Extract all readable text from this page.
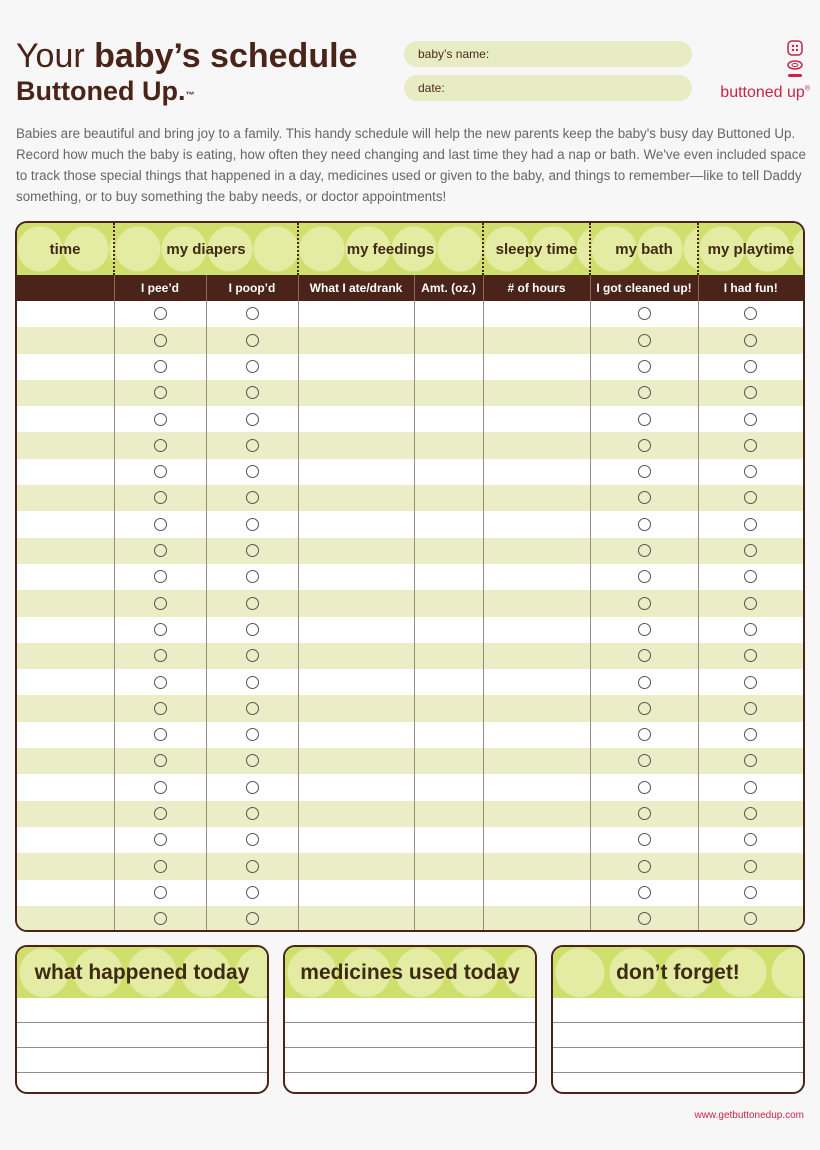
Your baby’s schedule
Buttoned Up.™
baby’s name:
date:	buttoned up®
Babies are beautiful and bring joy to a family. This handy schedule will help the new parents keep the baby's busy day Buttoned Up. Record how much the baby is eating, how often they need changing and last time they had a nap or bath. We've even included space to track those special things that happened in a day, medicines used or given to the baby, and things to remember—like to tell Daddy something, or to buy something the baby needs, or doctor appointments!
time	my diapers		my feedings		sleepy time	my bath	my playtime
	I pee’d	I poop’d	What I ate/drank	Amt. (oz.)	# of hours	I got cleaned up!	I had fun!

what happened today	medicines used today	don’t forget!
www.getbuttonedup.com
